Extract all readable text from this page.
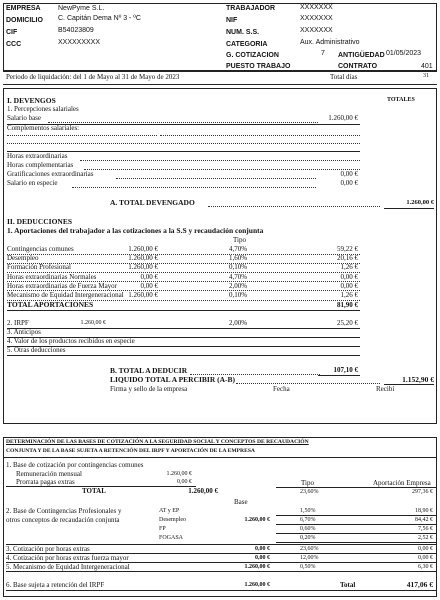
EMPRESA NewPyme S.L.
DOMICILIO C. Capitán Dema Nº 3 - ºC
CIF	B54023809
CCC	XXXXXXXXX
TRABAJADOR	XXXXXXX
NIF	XXXXXXX
NUM. S.S.	XXXXXXX
CATEGORIA	Aux. Administrativo
G. COTIZACION	7 ANTIGÜEDAD 01/05/2023
PUESTO TRABAJO	CONTRATO	401
Periodo de liquidación: del 1 de Mayo al 31 de Mayo de 2023	Total días	31
I. DEVENGOS	TOTALES
1. Percepciones salariales
Salario base	1.260,00 €
Complementos salariales:
Horas extraordinarias
Horas complementarias
Gratificaciones extraordinarias	0,00 €
Salario en especie	0,00 €
A. TOTAL DEVENGADO	1.260,00 €
II. DEDUCCIONES
1. Aportaciones del trabajador a las cotizaciones a la S.S y recaudación conjunta
Tipo
Contingencias comunes	1.260,00 €	4,70%	59,22 €
Desempleo	1.260,00 €	1,60%	20,16 €
Formación Profesional	1.260,00 €	0,10%	1,26 €
Horas extraordinarias Normales	0,00 €	4,70%	0,00 €
Horas extraordinarias de Fuerza Mayor	0,00 €	2,00%	0,00 €
Mecanismo de Equidad Intergeneracional 1.260,00 €	0,10%	1,26 €
TOTAL APORTACIONES	81,90 €
2. IRPF	1.260,00 €	2,00%	25,20 €
3. Anticipos
4. Valor de los productos recibidos en especie
5. Otras deducciones
B. TOTAL A DEDUCIR	107,10 €
LIQUIDO TOTAL A PERCIBIR (A-B)	1.152,90 €
Firma y sello de la empresa	Fecha	Recibí
DETERMINACIÓN DE LAS BASES DE COTIZACIÓN A LA SEGURIDAD SOCIAL Y CONCEPTOS DE RECAUDACIÓN
CONJUNTA Y DE LA BASE SUJETA A RETENCIÓN DEL IRPF Y APORTACIÓN DE LA EMPRESA
1. Base de cotización por contingencias comunes
Remuneración mensual	1.260,00 €
Prorrata pagas extras	0,00 €
TOTAL	1.260,00 €
Tipo	Aportación Empresa
23,60%	297,36 €
Base
2. Base de Contingencias Profesionales y
otros conceptos de recaudación conjunta
AT y EP	1,50%	18,90 €
Desempleo	1.260,00 €	6,70%	84,42 €
FP	0,60%	7,56 €
FOGASA	0,20%	2,52 €
3. Cotización por horas extras	0,00 €	23,60%	0,00 €
4. Cotización por horas extras fuerza mayor	0,00 €	12,00%	0,00 €
5. Mecanismo de Equidad Intergeneracional	1.260,00 €	0,50%	6,30 €
6. Base sujeta a retención del IRPF	1.260,00 €	Total	417,06 €
